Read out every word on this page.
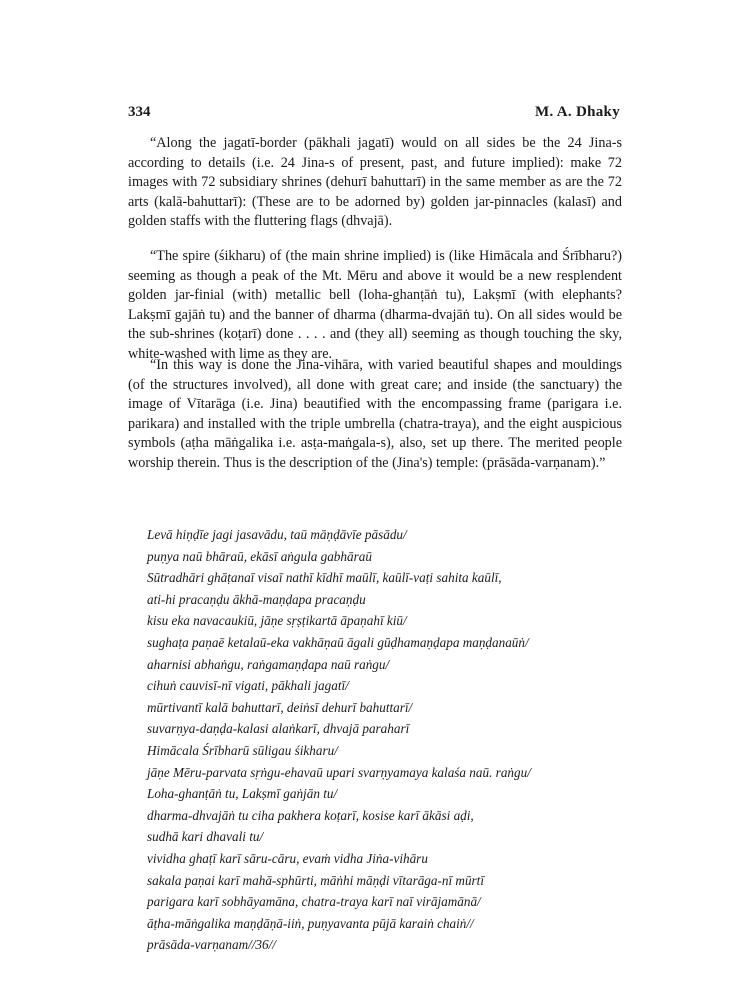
334	M. A. Dhaky

“Along the jagatī-border (pākhali jagatī) would on all sides be the 24 Jina-s according to details (i.e. 24 Jina-s of present, past, and future implied): make 72 images with 72 subsidiary shrines (dehurī bahuttarī) in the same member as are the 72 arts (kalā-bahuttarī): (These are to be adorned by) golden jar-pinnacles (kalasī) and golden staffs with the fluttering flags (dhvajā).

“The spire (śikharu) of (the main shrine implied) is (like Himācala and Śrībharu?) seeming as though a peak of the Mt. Mēru and above it would be a new resplendent golden jar-finial (with) metallic bell (loha-ghanṭāṅ tu), Lakṣmī (with elephants? Lakṣmī gajāṅ tu) and the banner of dharma (dharma-dvajāṅ tu). On all sides would be the sub-shrines (koṭarī) done . . . . and (they all) seeming as though touching the sky, white-washed with lime as they are.

“In this way is done the Jina-vihāra, with varied beautiful shapes and mouldings (of the structures involved), all done with great care; and inside (the sanctuary) the image of Vītarāga (i.e. Jina) beautified with the encompassing frame (parigara i.e. parikara) and installed with the triple umbrella (chatra-traya), and the eight auspicious symbols (aṭha māṅgalika i.e. asṭa-maṅgala-s), also, set up there. The merited people worship therein. Thus is the description of the (Jina's) temple: (prāsāda-varṇanam).”

Levā hiṇḍīe jagi jasavādu, taū māṇḍāvīe pāsādu/
puṇya naū bhāraū, ekāsī aṅgula gabhāraū
Sūtradhāri ghāṭanaī visaī nathī kīdhī maūlī, kaūlī-vaṭi sahita kaūlī,
ati-hi pracaṇḍu ākhā-maṇḍapa pracaṇḍu
kisu eka navacaukiū, jāṇe sṛṣṭikartā āpaṇahī kiū/
sughaṭa paṇaē ketalaū-eka vakhāṇaū āgali gūḍhamaṇḍapa maṇḍanaūṅ/
aharnisi abhaṅgu, raṅgamaṇḍapa naū raṅgu/
cihuṅ cauvisī-nī vigati, pākhali jagatī/
mūrtivantī kalā bahuttarī, deiṅsī dehurī bahuttarī/
suvarṇya-daṇḍa-kalasi alaṅkarī, dhvajā paraharī
Himācala Śrībharū sūligau śikharu/
jāṇe Mēru-parvata sṛṅgu-ehavaū upari svarṇyamaya kalaśa naū. raṅgu/
Loha-ghanṭāṅ tu, Lakṣmī gaṅjān tu/
dharma-dhvajāṅ tu ciha pakhera koṭarī, kosise karī ākāsi aḍi,
sudhā kari dhavali tu/
vividha ghaṭī karī sāru-cāru, evaṁ vidha Jiṅa-vihāru
sakala paṇai karī mahā-sphūrti, māṅhi māṇḍi vītarāga-nī mūrtī
parigara karī sobhāyamāna, chatra-traya karī naī virājamānā/
āṭha-māṅgalika maṇḍāṇā-iiṅ, puṇyavanta pūjā karaiṅ chaiṅ//
prāsāda-varṇanam//36//
